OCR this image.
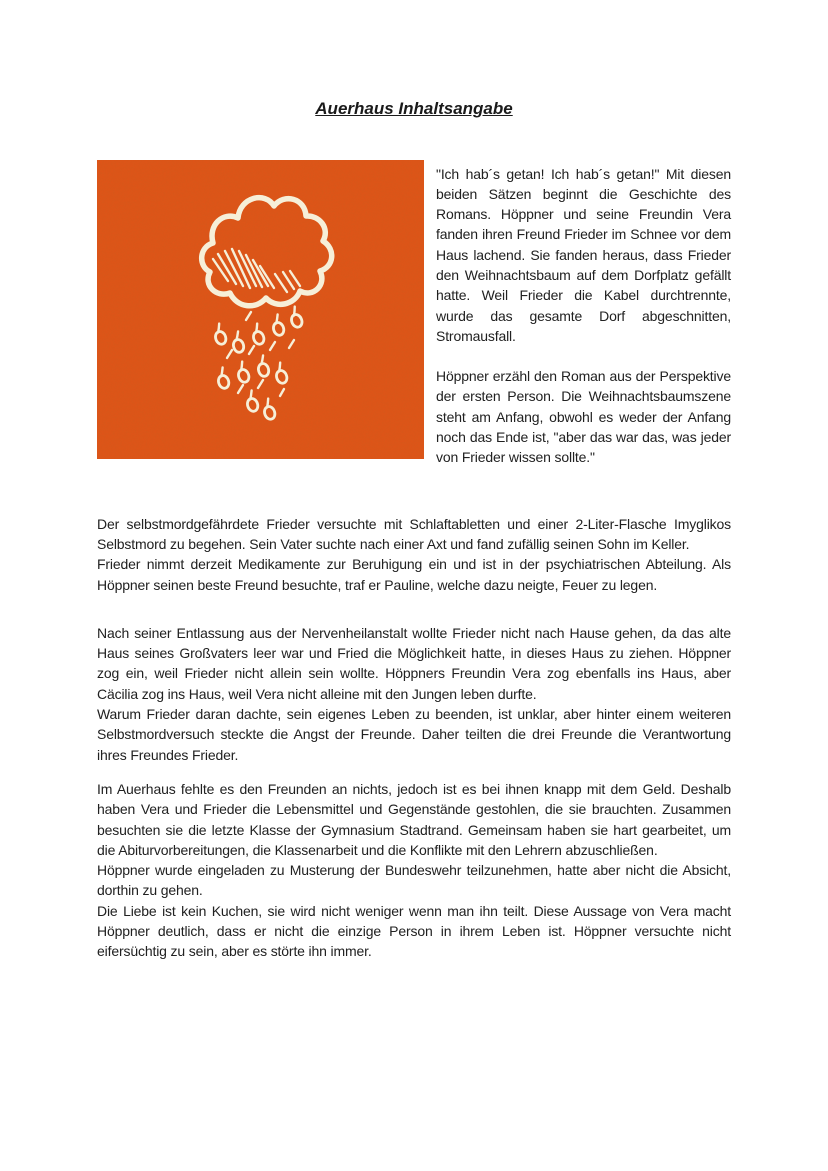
Auerhaus Inhaltsangabe

"Ich hab´s getan! Ich hab´s getan!" Mit diesen beiden Sätzen beginnt die Geschichte des Romans. Höppner und seine Freundin Vera fanden ihren Freund Frieder im Schnee vor dem Haus lachend. Sie fanden heraus, dass Frieder den Weihnachtsbaum auf dem Dorfplatz gefällt hatte. Weil Frieder die Kabel durchtrennte, wurde das gesamte Dorf abgeschnitten, Stromausfall.

Höppner erzähl den Roman aus der Perspektive der ersten Person. Die Weihnachtsbaumszene steht am Anfang, obwohl es weder der Anfang noch das Ende ist, "aber das war das, was jeder von Frieder wissen sollte."

Der selbstmordgefährdete Frieder versuchte mit Schlaftabletten und einer 2-Liter-Flasche Imyglikos Selbstmord zu begehen. Sein Vater suchte nach einer Axt und fand zufällig seinen Sohn im Keller.

Frieder nimmt derzeit Medikamente zur Beruhigung ein und ist in der psychiatrischen Abteilung. Als Höppner seinen beste Freund besuchte, traf er Pauline, welche dazu neigte, Feuer zu legen.

Nach seiner Entlassung aus der Nervenheilanstalt wollte Frieder nicht nach Hause gehen, da das alte Haus seines Großvaters leer war und Fried die Möglichkeit hatte, in dieses Haus zu ziehen. Höppner zog ein, weil Frieder nicht allein sein wollte. Höppners Freundin Vera zog ebenfalls ins Haus, aber Cäcilia zog ins Haus, weil Vera nicht alleine mit den Jungen leben durfte.

Warum Frieder daran dachte, sein eigenes Leben zu beenden, ist unklar, aber hinter einem weiteren Selbstmordversuch steckte die Angst der Freunde. Daher teilten die drei Freunde die Verantwortung ihres Freundes Frieder.

Im Auerhaus fehlte es den Freunden an nichts, jedoch ist es bei ihnen knapp mit dem Geld. Deshalb haben Vera und Frieder die Lebensmittel und Gegenstände gestohlen, die sie brauchten. Zusammen besuchten sie die letzte Klasse der Gymnasium Stadtrand. Gemeinsam haben sie hart gearbeitet, um die Abiturvorbereitungen, die Klassenarbeit und die Konflikte mit den Lehrern abzuschließen.

Höppner wurde eingeladen zu Musterung der Bundeswehr teilzunehmen, hatte aber nicht die Absicht, dorthin zu gehen.

Die Liebe ist kein Kuchen, sie wird nicht weniger wenn man ihn teilt. Diese Aussage von Vera macht Höppner deutlich, dass er nicht die einzige Person in ihrem Leben ist. Höppner versuchte nicht eifersüchtig zu sein, aber es störte ihn immer.
